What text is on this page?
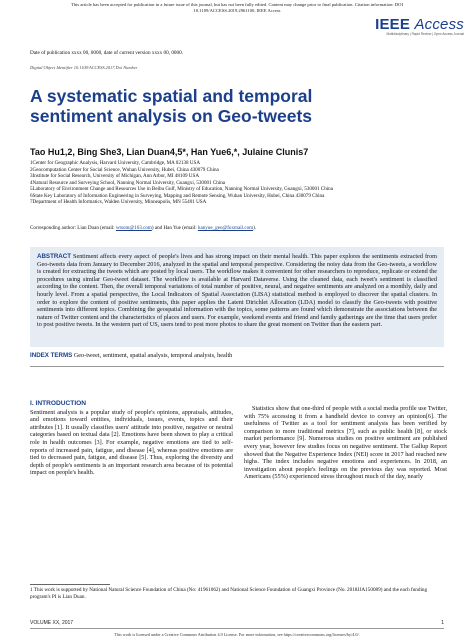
This article has been accepted for publication in a future issue of this journal, but has not been fully edited. Content may change prior to final publication. Citation information: DOI
10.1109/ACCESS.2019.2961100, IEEE Access
IEEE Access
Multidisciplinary | Rapid Review | Open Access Journal
Date of publication xxxx 00, 0000, date of current version xxxx 00, 0000.
Digital Object Identifier 10.1109/ACCESS.2017.Doi Number
A systematic spatial and temporal sentiment analysis on Geo-tweets
Tao Hu1,2, Bing She3, Lian Duan4,5*, Han Yue6,*, Julaine Clunis7
1Center for Geographic Analysis, Harvard University, Cambridge, MA 02138 USA
2Geocomputation Center for Social Science, Wuhan University, Hubei, China 430079 China
3Institute for Social Research, University of Michigan, Ann Arbor, MI 48109 USA
4Natural Resource and Surveying School, Nanning Normal University, Guangxi, 530001 China
5Laboratory of Environment Change and Resources Use in Beibu Gulf, Ministry of Education, Nanning Normal University, Guangxi, 530001 China
6State Key Laboratory of Information Engineering in Surveying, Mapping and Remote Sensing, Wuhan University, Hubei, China 430079 China
7Department of Health Informatics, Walden University, Minneapolis, MN 55401 USA
Corresponding author: Lian Duan (email: wtsom@163.com) and Han Yue (email: hanyue_geo@foxmail.com).
ABSTRACT Sentiment affects every aspect of people's lives and has strong impact on their mental health. This paper explores the sentiments extracted from Geo-tweets data from January to December 2016, analyzed in the spatial and temporal perspective. Considering the noisy data from the Geo-tweets, a workflow is created for extracting the tweets which are posted by local users. The workflow makes it convenient for other researchers to reproduce, replicate or extend the procedures using similar Geo-tweet dataset. The workflow is available at Harvard Dataverse. Using the cleaned data, each tweet's sentiment is classified according to the content. Then, the overall temporal variations of total number of positive, neural, and negative sentiments are analyzed on a monthly, daily and hourly level. From a spatial perspective, the Local Indicators of Spatial Association (LISA) statistical method is employed to discover the spatial clusters. In order to explore the content of positive sentiments, this paper applies the Latent Dirichlet Allocation (LDA) model to classify the Geo-tweets with positive sentiments into different topics. Combining the geospatial information with the topics, some patterns are found which demonstrate the associations between the nature of Twitter content and the characteristics of places and users. For example, weekend events and friend and family gatherings are the time that users prefer to post positive tweets. In the western part of US, users tend to post more photos to share the great moment on Twitter than the eastern part.
INDEX TERMS Geo-tweet, sentiment, spatial analysis, temporal analysis, health
I. INTRODUCTION
Sentiment analysis is a popular study of people's opinions, appraisals, attitudes, and emotions toward entities, individuals, issues, events, topics and their attributes [1]. It usually classifies users' attitude into positive, negative or neutral categories based on textual data [2]. Emotions have been shown to play a critical role in health outcomes [3]. For example, negative emotions are tied to self-reports of increased pain, fatigue, and disease [4], whereas positive emotions are tied to decreased pain, fatigue, and disease [5]. Thus, exploring the diversity and depth of people's sentiments is an important research area because of its potential impact on people's health.
Statistics show that one-third of people with a social media profile use Twitter, with 75% accessing it from a handheld device to convey an opinion[6]. The usefulness of Twitter as a tool for sentiment analysis has been verified by comparison to more traditional metrics [7], such as public health [8], or stock market performance [9]. Numerous studies on positive sentiment are published every year, however few studies focus on negative sentiment. The Gallup Report showed that the Negative Experience Index (NEI) score in 2017 had reached new highs. The index includes negative emotions and experiences. In 2018, an investigation about people's feelings on the previous day was reported. Most Americans (55%) experienced stress throughout much of the day, nearly
1 This work is supported by National Natural Science Foundation of China (No: 41961062) and National Science Foundation of Guangxi Province (No. 2018JJA150089) and the each funding program's PI is Lian Duan.
VOLUME XX, 2017	1
This work is licensed under a Creative Commons Attribution 4.0 License. For more information, see https://creativecommons.org/licenses/by/4.0/.
